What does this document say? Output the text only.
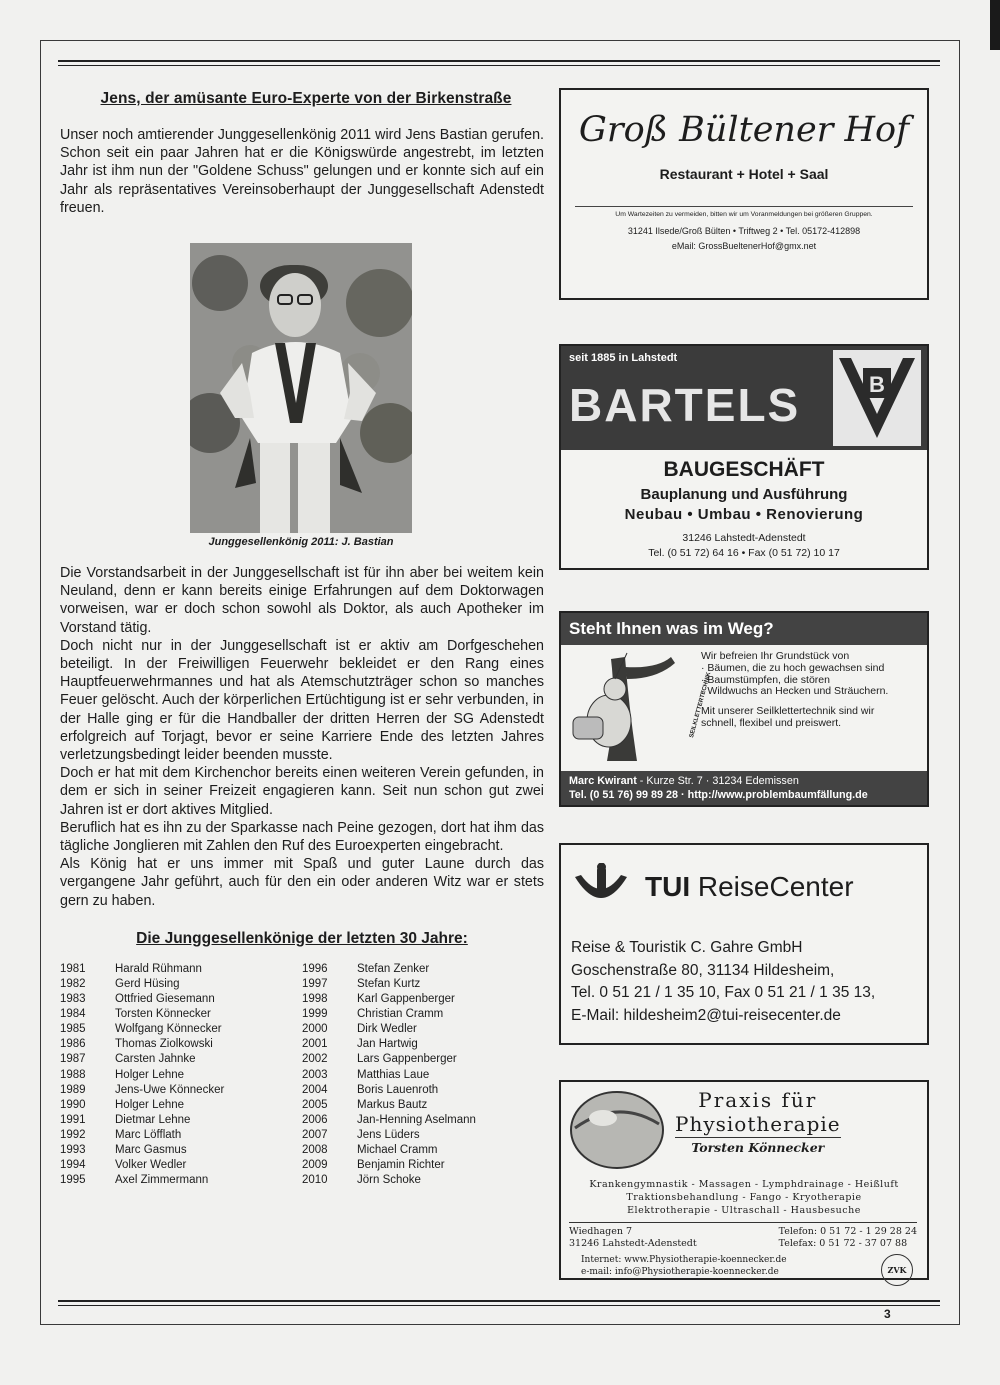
3
Jens, der amüsante Euro-Experte von der Birkenstraße

Unser noch amtierender Junggesellenkönig 2011 wird Jens Bastian gerufen. Schon seit ein paar Jahren hat er die Königswürde angestrebt, im letzten Jahr ist ihm nun der "Goldene Schuss" gelungen und er konnte sich auf ein Jahr als repräsentatives Vereinsoberhaupt der Junggesellschaft Adenstedt freuen.

Junggesellenkönig 2011: J. Bastian

Die Vorstandsarbeit in der Junggesellschaft ist für ihn aber bei weitem kein Neuland, denn er kann bereits einige Erfahrungen auf dem Doktorwagen vorweisen, war er doch schon sowohl als Doktor, als auch Apotheker im Vorstand tätig.

Doch nicht nur in der Junggesellschaft ist er aktiv am Dorfgeschehen beteiligt. In der Freiwilligen Feuerwehr bekleidet er den Rang eines Hauptfeuerwehrmannes und hat als Atemschutzträger schon so manches Feuer gelöscht. Auch der körperlichen Ertüchtigung ist er sehr verbunden, in der Halle ging er für die Handballer der dritten Herren der SG Adenstedt erfolgreich auf Torjagt, bevor er seine Karriere Ende des letzten Jahres verletzungsbedingt leider beenden musste.

Doch er hat mit dem Kirchenchor bereits einen weiteren Verein gefunden, in dem er sich in seiner Freizeit engagieren kann. Seit nun schon gut zwei Jahren ist er dort aktives Mitglied.

Beruflich hat es ihn zu der Sparkasse nach Peine gezogen, dort hat ihm das tägliche Jonglieren mit Zahlen den Ruf des Euroexperten eingebracht.

Als König hat er uns immer mit Spaß und guter Laune durch das vergangene Jahr geführt, auch für den ein oder anderen Witz war er stets gern zu haben.

Die Junggesellenkönige der letzten 30 Jahre:
1981	Harald Rühmann
1982	Gerd Hüsing
1983	Ottfried Giesemann
1984	Torsten Könnecker
1985	Wolfgang Könnecker
1986	Thomas Ziolkowski
1987	Carsten Jahnke
1988	Holger Lehne
1989	Jens-Uwe Könnecker
1990	Holger Lehne
1991	Dietmar Lehne
1992	Marc Löfflath
1993	Marc Gasmus
1994	Volker Wedler
1995	Axel Zimmermann
1996	Stefan Zenker
1997	Stefan Kurtz
1998	Karl Gappenberger
1999	Christian Cramm
2000	Dirk Wedler
2001	Jan Hartwig
2002	Lars Gappenberger
2003	Matthias Laue
2004	Boris Lauenroth
2005	Markus Bautz
2006	Jan-Henning Aselmann
2007	Jens Lüders
2008	Michael Cramm
2009	Benjamin Richter
2010	Jörn Schoke
Groß Bültener Hof
Restaurant + Hotel + Saal
Um Wartezeiten zu vermeiden, bitten wir um Voranmeldungen bei größeren Gruppen.
31241 Ilsede/Groß Bülten • Triftweg 2 • Tel. 05172-412898
eMail: GrossBueltenerHof@gmx.net
seit 1885 in Lahstedt
BARTELS	B
BAUGESCHÄFT
Bauplanung und Ausführung
Neubau • Umbau • Renovierung
31246 Lahstedt-Adenstedt
Tel. (0 51 72) 64 16 • Fax (0 51 72) 10 17
Steht Ihnen was im Weg?
SEILKLETTERTECHNIK
Wir befreien Ihr Grundstück von
· Bäumen, die zu hoch gewachsen sind
· Baumstümpfen, die stören
· Wildwuchs an Hecken und Sträuchern.
Mit unserer Seilklettertechnik sind wir
schnell, flexibel und preiswert.
Marc Kwirant - Kurze Str. 7 · 31234 Edemissen
Tel. (0 51 76) 99 89 28 · http://www.problembaumfällung.de
TUI ReiseCenter
Reise & Touristik C. Gahre GmbH
Goschenstraße 80, 31134 Hildesheim,
Tel. 0 51 21 / 1 35 10, Fax 0 51 21 / 1 35 13,
E-Mail: hildesheim2@tui-reisecenter.de
Praxis für
Physiotherapie
Torsten Könnecker
Krankengymnastik - Massagen - Lymphdrainage - Heißluft
Traktionsbehandlung - Fango - Kryotherapie
Elektrotherapie - Ultraschall - Hausbesuche
Wiedhagen 7
31246 Lahstedt-Adenstedt
Telefon: 0 51 72 - 1 29 28 24
Telefax: 0 51 72 - 37 07 88
Internet: www.Physiotherapie-koennecker.de
e-mail: info@Physiotherapie-koennecker.de	ZVK
